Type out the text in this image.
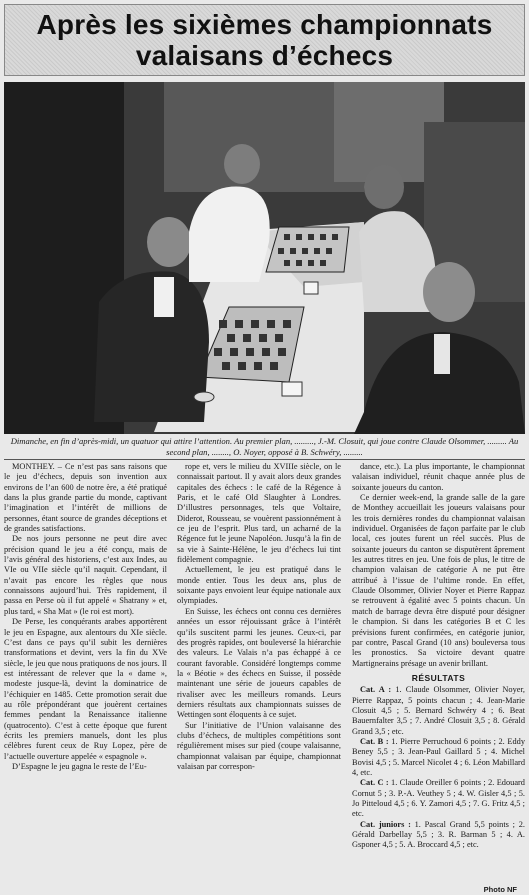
Après les sixièmes championnats
valaisans d’échecs
Dimanche, en fin d’après-midi, un quatuor qui attire l’attention. Au premier plan, ........., J.-M. Closuit, qui joue contre Claude Olsommer, ......... Au second plan, ........, O. Noyer, opposé à B. Schwéry, .........
Photo NF

MONTHEY. – Ce n’est pas sans raisons que le jeu d’échecs, depuis son invention aux environs de l’an 600 de notre ère, a été pratiqué dans la plus grande partie du monde, captivant l’imagination et l’intérêt de millions de personnes, étant source de grandes déceptions et de grandes satisfactions.

De nos jours personne ne peut dire avec précision quand le jeu a été conçu, mais de l’avis général des historiens, c’est aux Indes, au VIe ou VIIe siècle qu’il naquit. Cependant, il n’avait pas encore les règles que nous connaissons aujourd’hui. Très rapidement, il passa en Perse où il fut appelé « Shatrany » et, plus tard, « Sha Mat » (le roi est mort).

De Perse, les conquérants arabes apportèrent le jeu en Espagne, aux alentours du XIe siècle. C’est dans ce pays qu’il subit les dernières transformations et devint, vers la fin du XVe siècle, le jeu que nous pratiquons de nos jours. Il est intéressant de relever que la « dame », modeste jusque-là, devint la dominatrice de l’échiquier en 1485. Cette promotion serait due au rôle prépondérant que jouèrent certaines femmes pendant la Renaissance italienne (quatrocento). C’est à cette époque que furent écrits les premiers manuels, dont les plus célèbres furent ceux de Ruy Lopez, père de l’actuelle ouverture appelée « espagnole ».

D’Espagne le jeu gagna le reste de l’Eu-

rope et, vers le milieu du XVIIIe siècle, on le connaissait partout. Il y avait alors deux grandes capitales des échecs : le café de la Régence à Paris, et le café Old Slaughter à Londres. D’illustres personnages, tels que Voltaire, Diderot, Rousseau, se vouèrent passionnément à ce jeu de l’esprit. Plus tard, un acharné de la Régence fut le jeune Napoléon. Jusqu’à la fin de sa vie à Sainte-Hélène, le jeu d’échecs lui tint fidèlement compagnie.

Actuellement, le jeu est pratiqué dans le monde entier. Tous les deux ans, plus de soixante pays envoient leur équipe nationale aux olympiades.

En Suisse, les échecs ont connu ces dernières années un essor réjouissant grâce à l’intérêt qu’ils suscitent parmi les jeunes. Ceux-ci, par des progrès rapides, ont bouleversé la hiérarchie des valeurs. Le Valais n’a pas échappé à ce courant favorable. Considéré longtemps comme la « Béotie » des échecs en Suisse, il possède maintenant une série de joueurs capables de rivaliser avec les meilleurs romands. Leurs derniers résultats aux championnats suisses de Wettingen sont éloquents à ce sujet.

Sur l’initiative de l’Union valaisanne des clubs d’échecs, de multiples compétitions sont régulièrement mises sur pied (coupe valaisanne, championnat valaisan par équipe, championnat valaisan par correspon-

dance, etc.). La plus importante, le championnat valaisan individuel, réunit chaque année plus de soixante joueurs du canton.

Ce dernier week-end, la grande salle de la gare de Monthey accueillait les joueurs valaisans pour les trois dernières rondes du championnat valaisan individuel. Organisées de façon parfaite par le club local, ces joutes furent un réel succès. Plus de soixante joueurs du canton se disputèrent âprement les autres titres en jeu. Une fois de plus, le titre de champion valaisan de catégorie A ne put être attribué à l’issue de l’ultime ronde. En effet, Claude Olsommer, Olivier Noyer et Pierre Rappaz se retrouvent à égalité avec 5 points chacun. Un match de barrage devra être disputé pour désigner le champion. Si dans les catégories B et C les prévisions furent confirmées, en catégorie junior, par contre, Pascal Grand (10 ans) bouleversa tous les pronostics. Sa victoire devant quatre Martignerains présage un avenir brillant.

RÉSULTATS

Cat. A : 1. Claude Olsommer, Olivier Noyer, Pierre Rappaz, 5 points chacun ; 4. Jean-Marie Closuit 4,5 ; 5. Bernard Schwéry 4 ; 6. Beat Bauernfalter 3,5 ; 7. André Closuit 3,5 ; 8. Gérald Grand 3,5 ; etc.

Cat. B : 1. Pierre Perruchoud 6 points ; 2. Eddy Beney 5,5 ; 3. Jean-Paul Gaillard 5 ; 4. Michel Bovisi 4,5 ; 5. Marcel Nicolet 4 ; 6. Léon Mabillard 4, etc.

Cat. C : 1. Claude Oreiller 6 points ; 2. Edouard Cornut 5 ; 3. P.-A. Veuthey 5 ; 4. W. Gisler 4,5 ; 5. Jo Pitteloud 4,5 ; 6. Y. Zamori 4,5 ; 7. G. Fritz 4,5 ; etc.

Cat. juniors : 1. Pascal Grand 5,5 points ; 2. Gérald Darbellay 5,5 ; 3. R. Barman 5 ; 4. A. Gsponer 4,5 ; 5. A. Broccard 4,5 ; etc.
